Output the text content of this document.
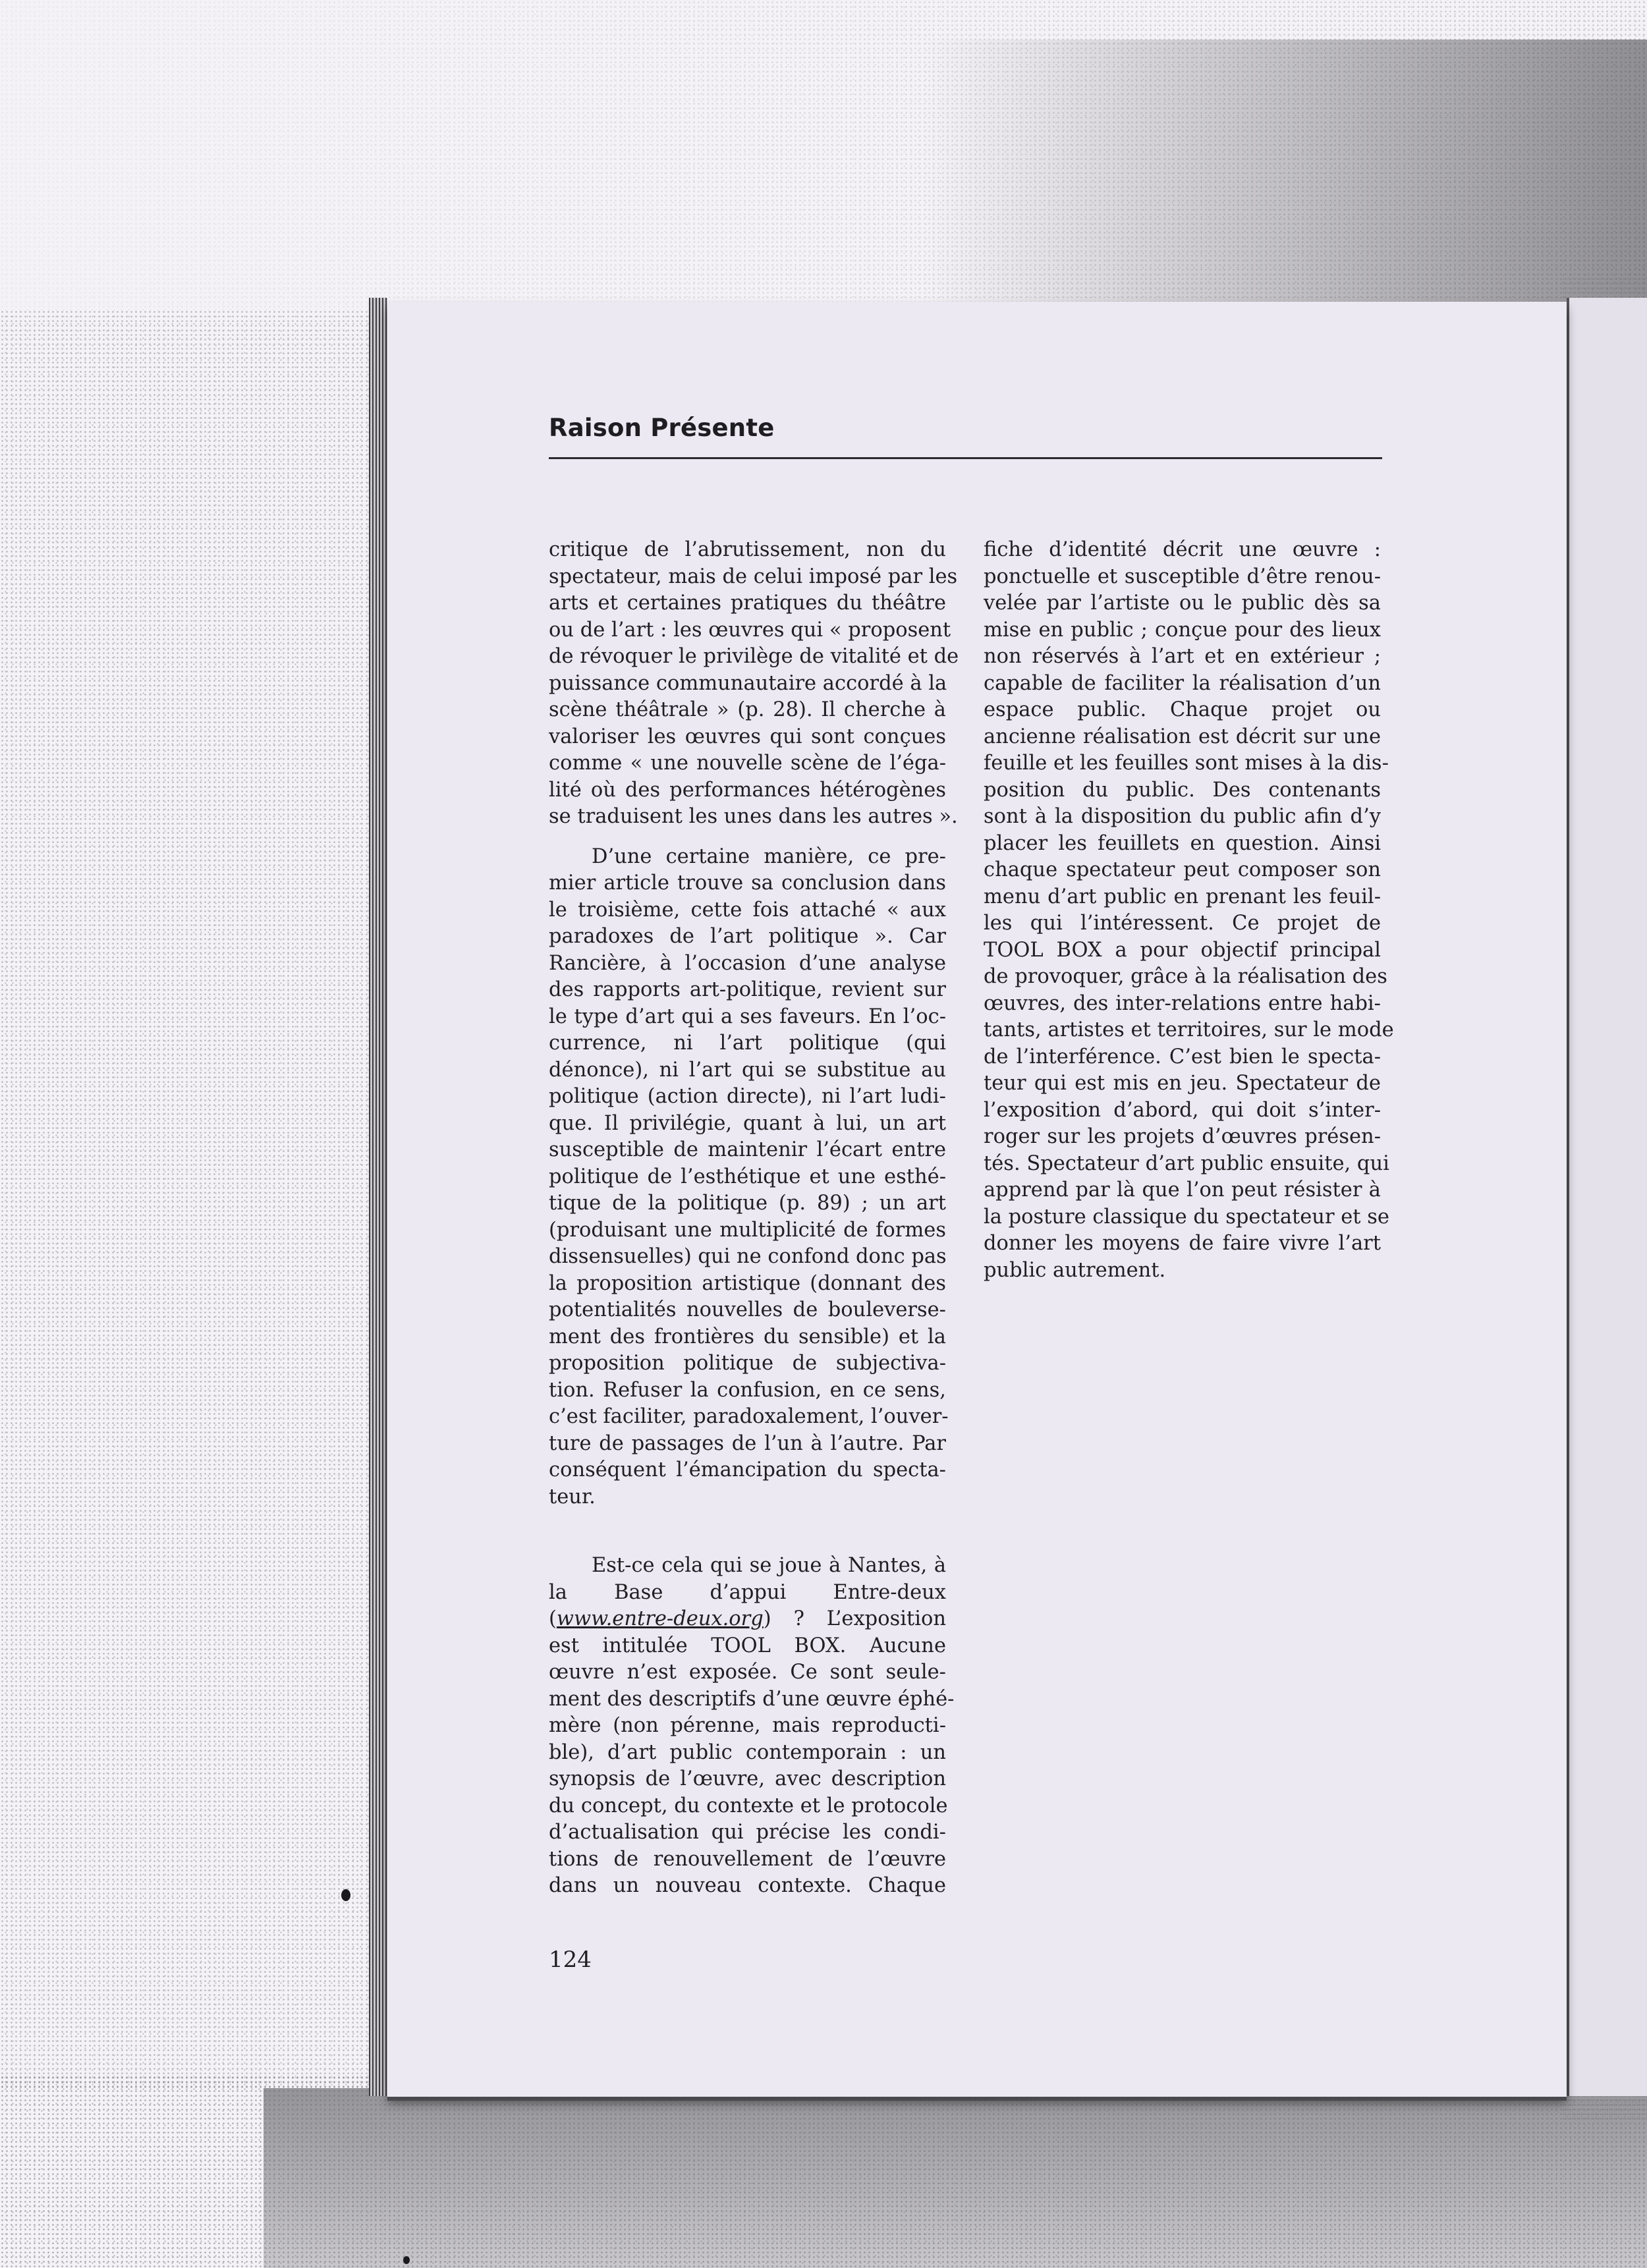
Raison Présente
critique de l’abrutissement, non du
spectateur, mais de celui imposé par les
arts et certaines pratiques du théâtre
ou de l’art : les œuvres qui « proposent
de révoquer le privilège de vitalité et de
puissance communautaire accordé à la
scène théâtrale » (p. 28). Il cherche à
valoriser les œuvres qui sont conçues
comme « une nouvelle scène de l’éga-
lité où des performances hétérogènes
se traduisent les unes dans les autres ».
D’une certaine manière, ce pre-
mier article trouve sa conclusion dans
le troisième, cette fois attaché « aux
paradoxes de l’art politique ». Car
Rancière, à l’occasion d’une analyse
des rapports art-politique, revient sur
le type d’art qui a ses faveurs. En l’oc-
currence, ni l’art politique (qui
dénonce), ni l’art qui se substitue au
politique (action directe), ni l’art ludi-
que. Il privilégie, quant à lui, un art
susceptible de maintenir l’écart entre
politique de l’esthétique et une esthé-
tique de la politique (p. 89) ; un art
(produisant une multiplicité de formes
dissensuelles) qui ne confond donc pas
la proposition artistique (donnant des
potentialités nouvelles de bouleverse-
ment des frontières du sensible) et la
proposition politique de subjectiva-
tion. Refuser la confusion, en ce sens,
c’est faciliter, paradoxalement, l’ouver-
ture de passages de l’un à l’autre. Par
conséquent l’émancipation du specta-
teur.
Est-ce cela qui se joue à Nantes, à
la Base d’appui Entre-deux
(www.entre-deux.org) ? L’exposition
est intitulée TOOL BOX. Aucune
œuvre n’est exposée. Ce sont seule-
ment des descriptifs d’une œuvre éphé-
mère (non pérenne, mais reproducti-
ble), d’art public contemporain : un
synopsis de l’œuvre, avec description
du concept, du contexte et le protocole
d’actualisation qui précise les condi-
tions de renouvellement de l’œuvre
dans un nouveau contexte. Chaque
fiche d’identité décrit une œuvre :
ponctuelle et susceptible d’être renou-
velée par l’artiste ou le public dès sa
mise en public ; conçue pour des lieux
non réservés à l’art et en extérieur ;
capable de faciliter la réalisation d’un
espace public. Chaque projet ou
ancienne réalisation est décrit sur une
feuille et les feuilles sont mises à la dis-
position du public. Des contenants
sont à la disposition du public afin d’y
placer les feuillets en question. Ainsi
chaque spectateur peut composer son
menu d’art public en prenant les feuil-
les qui l’intéressent. Ce projet de
TOOL BOX a pour objectif principal
de provoquer, grâce à la réalisation des
œuvres, des inter-relations entre habi-
tants, artistes et territoires, sur le mode
de l’interférence. C’est bien le specta-
teur qui est mis en jeu. Spectateur de
l’exposition d’abord, qui doit s’inter-
roger sur les projets d’œuvres présen-
tés. Spectateur d’art public ensuite, qui
apprend par là que l’on peut résister à
la posture classique du spectateur et se
donner les moyens de faire vivre l’art
public autrement.
124
